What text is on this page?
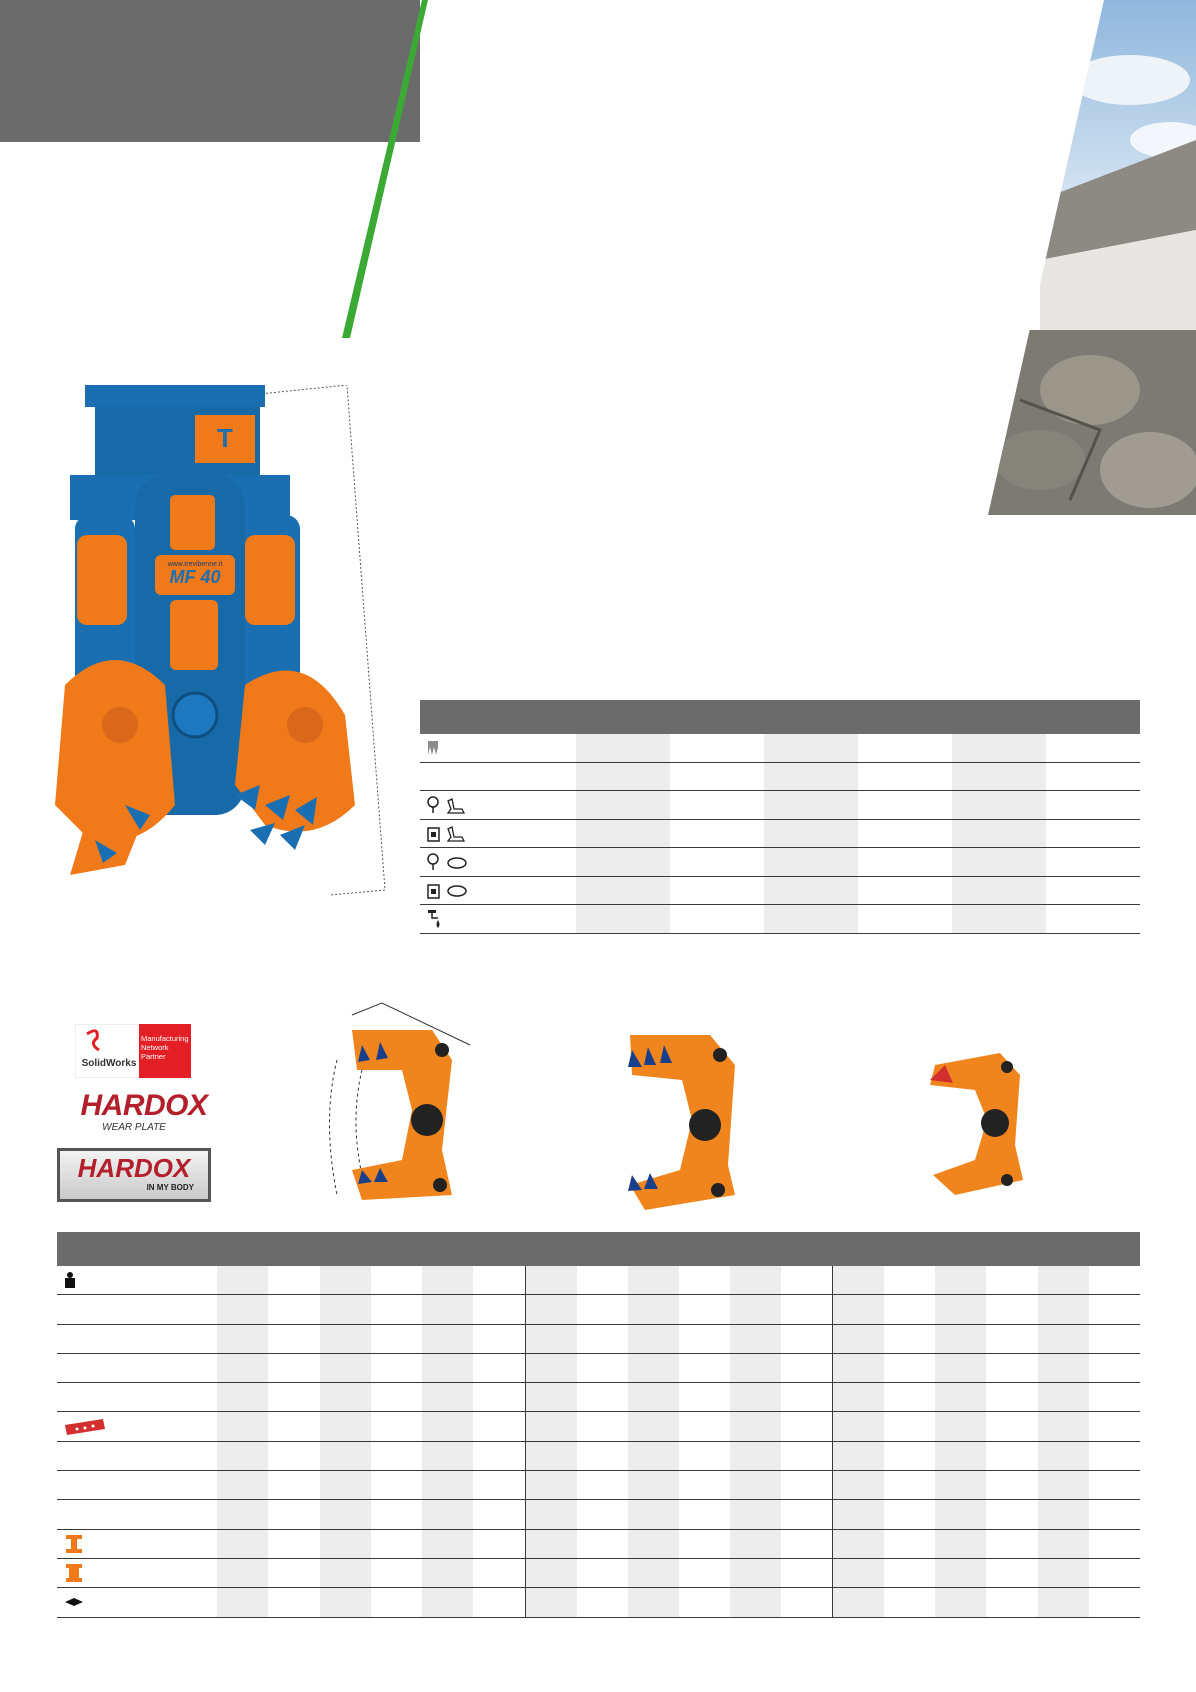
T
MF 40
www.trevibenne.it
SolidWorks
Manufacturing Network Partner
HARDOX
WEAR PLATE
HARDOX
IN MY BODY
